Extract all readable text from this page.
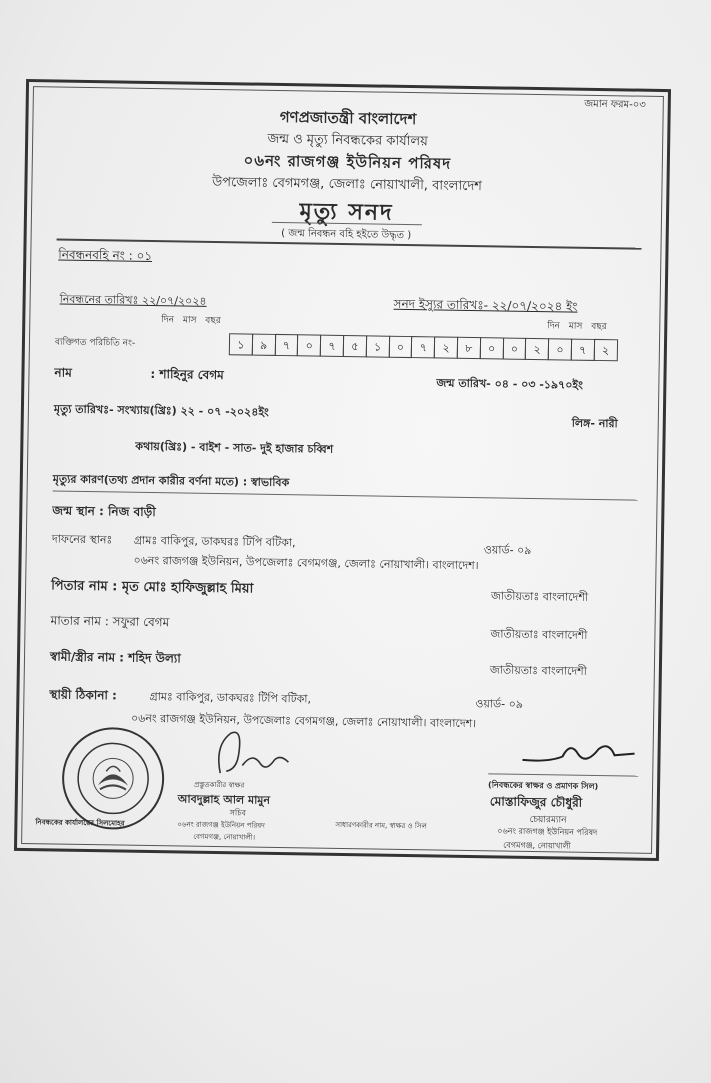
জমান ফরম-০৩
গণপ্রজাতন্ত্রী বাংলাদেশ
জন্ম ও মৃত্যু নিবন্ধকের কার্যালয়
০৬নং রাজগঞ্জ ইউনিয়ন পরিষদ
উপজেলাঃ বেগমগঞ্জ, জেলাঃ নোয়াখালী, বাংলাদেশ
মৃত্যু সনদ
( জন্ম নিবন্ধন বহি হইতে উদ্ধৃত )
নিবন্ধনবহি নং : ০১
নিবন্ধনের তারিখঃ ২২/০৭/২০২৪	সনদ ইস্যুর তারিখঃ- ২২/০৭/২০২৪ ইং
দিন মাস বছর
দিন মাস বছর
ব্যক্তিগত পরিচিতি নং-	১	৯	৭	০	৭	৫	১	০	৭	২	৮	০	০	২	০	৭	২
নাম	: শাহিনুর বেগম
জন্ম তারিখ- ০৪ - ০৩ -১৯৭০ইং
মৃত্যু তারিখঃ- সংখ্যায়(খ্রিঃ) ২২ - ০৭ -২০২৪ইং
লিঙ্গ- নারী
কথায়(খ্রিঃ) - বাইশ - সাত- দুই হাজার চব্বিশ
মৃত্যুর কারণ(তথ্য প্রদান কারীর বর্ণনা মতে) : স্বাভাবিক
জন্ম স্থান : নিজ বাড়ী
দাফনের স্থানঃ গ্রামঃ বাকিপুর, ডাকঘরঃ টিপি বটিকা,
ওয়ার্ড- ০৯
০৬নং রাজগঞ্জ ইউনিয়ন, উপজেলাঃ বেগমগঞ্জ, জেলাঃ নোয়াখালী। বাংলাদেশ।
পিতার নাম : মৃত মোঃ হাফিজুল্লাহ মিয়া	জাতীয়তাঃ বাংলাদেশী
মাতার নাম : সফুরা বেগম
জাতীয়তাঃ বাংলাদেশী
স্বামী/স্ত্রীর নাম : শহিদ উল্যা
জাতীয়তাঃ বাংলাদেশী
স্থায়ী ঠিকানা :	গ্রামঃ বাকিপুর, ডাকঘরঃ টিপি বটিকা,	ওয়ার্ড- ০৯
০৬নং রাজগঞ্জ ইউনিয়ন, উপজেলাঃ বেগমগঞ্জ, জেলাঃ নোয়াখালী। বাংলাদেশ।
প্রস্তুতকারীর স্বাক্ষর
আবদুল্লাহ আল মামুন
সচিব
০৬নং রাজগঞ্জ ইউনিয়ন পরিষদ
বেগমগঞ্জ, নোয়াখালী।
নিবন্ধকের কার্যালয়ের সিলমোহর	সাধারণকারীর নাম, স্বাক্ষর ও সিল
(নিবন্ধকের স্বাক্ষর ও প্রমাণক সিল)
মোস্তাফিজুর চৌধুরী
চেয়ারম্যান
০৬নং রাজগঞ্জ ইউনিয়ন পরিষদ
বেগমগঞ্জ, নোয়াখালী
